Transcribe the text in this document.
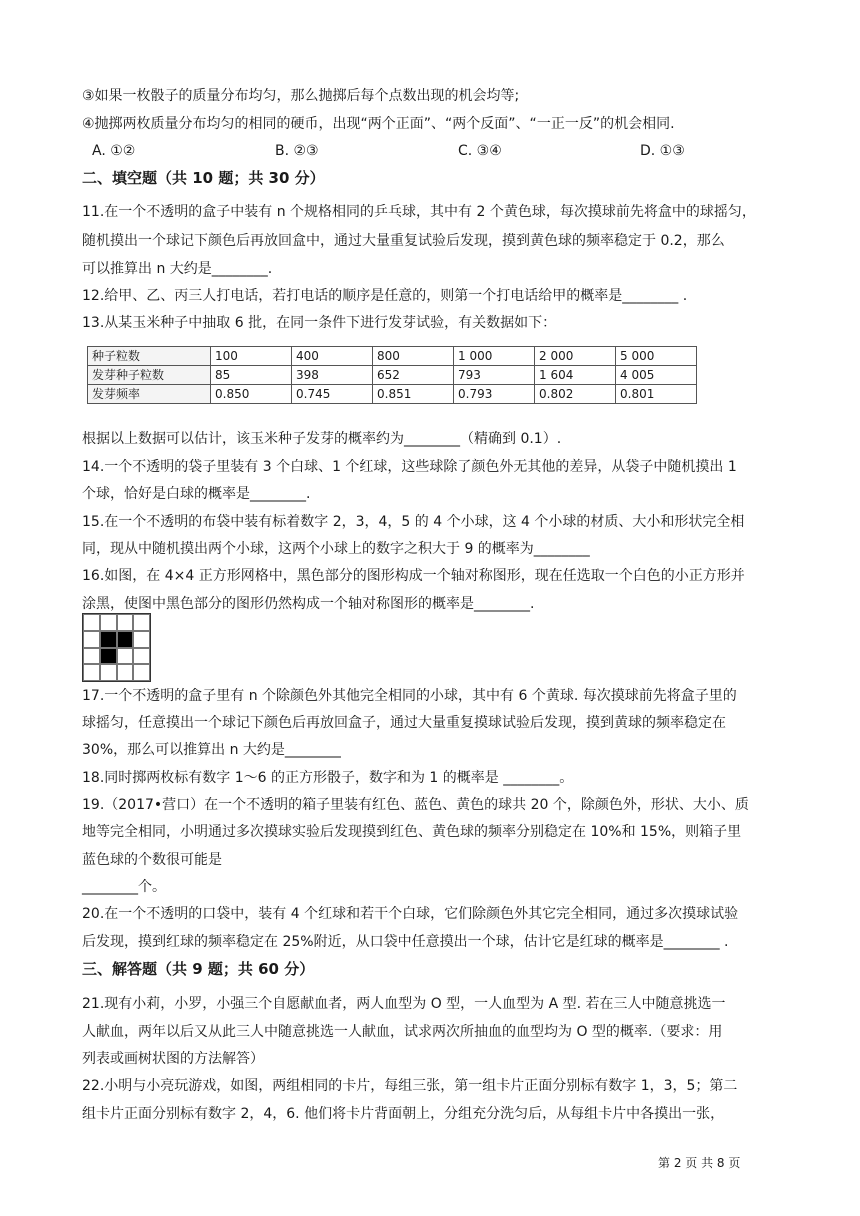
③如果一枚骰子的质量分布均匀，那么抛掷后每个点数出现的机会均等;
④抛掷两枚质量分布均匀的相同的硬币，出现“两个正面”、“两个反面”、“一正一反”的机会相同.
A. ①②	B. ②③	C. ③④	D. ①③
二、填空题（共 10 题；共 30 分）
11.在一个不透明的盒子中装有 n 个规格相同的乒乓球，其中有 2 个黄色球，每次摸球前先将盒中的球摇匀，
随机摸出一个球记下颜色后再放回盒中，通过大量重复试验后发现，摸到黄色球的频率稳定于 0.2，那么
可以推算出 n 大约是________.
12.给甲、乙、丙三人打电话，若打电话的顺序是任意的，则第一个打电话给甲的概率是________ .
13.从某玉米种子中抽取 6 批，在同一条件下进行发芽试验，有关数据如下：
种子粒数	100	400	800	1 000	2 000	5 000
发芽种子粒数	85	398	652	793	1 604	4 005
发芽频率	0.850	0.745	0.851	0.793	0.802	0.801
根据以上数据可以估计，该玉米种子发芽的概率约为________（精确到 0.1）.
14.一个不透明的袋子里装有 3 个白球、1 个红球，这些球除了颜色外无其他的差异，从袋子中随机摸出 1
个球，恰好是白球的概率是________.
15.在一个不透明的布袋中装有标着数字 2，3，4，5 的 4 个小球，这 4 个小球的材质、大小和形状完全相
同，现从中随机摸出两个小球，这两个小球上的数字之积大于 9 的概率为________
16.如图，在 4×4 正方形网格中，黑色部分的图形构成一个轴对称图形，现在任选取一个白色的小正方形并
涂黑，使图中黑色部分的图形仍然构成一个轴对称图形的概率是________.
17.一个不透明的盒子里有 n 个除颜色外其他完全相同的小球，其中有 6 个黄球. 每次摸球前先将盒子里的
球摇匀，任意摸出一个球记下颜色后再放回盒子，通过大量重复摸球试验后发现，摸到黄球的频率稳定在
30%，那么可以推算出 n 大约是________
18.同时掷两枚标有数字 1～6 的正方形骰子，数字和为 1 的概率是 ________。
19.（2017•营口）在一个不透明的箱子里装有红色、蓝色、黄色的球共 20 个，除颜色外，形状、大小、质
地等完全相同，小明通过多次摸球实验后发现摸到红色、黄色球的频率分别稳定在 10%和 15%，则箱子里
蓝色球的个数很可能是
________个。
20.在一个不透明的口袋中，装有 4 个红球和若干个白球，它们除颜色外其它完全相同，通过多次摸球试验
后发现，摸到红球的频率稳定在 25%附近，从口袋中任意摸出一个球，估计它是红球的概率是________ .
三、解答题（共 9 题；共 60 分）
21.现有小莉，小罗，小强三个自愿献血者，两人血型为 O 型，一人血型为 A 型. 若在三人中随意挑选一
人献血，两年以后又从此三人中随意挑选一人献血，试求两次所抽血的血型均为 O 型的概率.（要求：用
列表或画树状图的方法解答）
22.小明与小亮玩游戏，如图，两组相同的卡片，每组三张，第一组卡片正面分别标有数字 1，3，5；第二
组卡片正面分别标有数字 2，4，6. 他们将卡片背面朝上，分组充分洗匀后，从每组卡片中各摸出一张，
第 2 页 共 8 页
